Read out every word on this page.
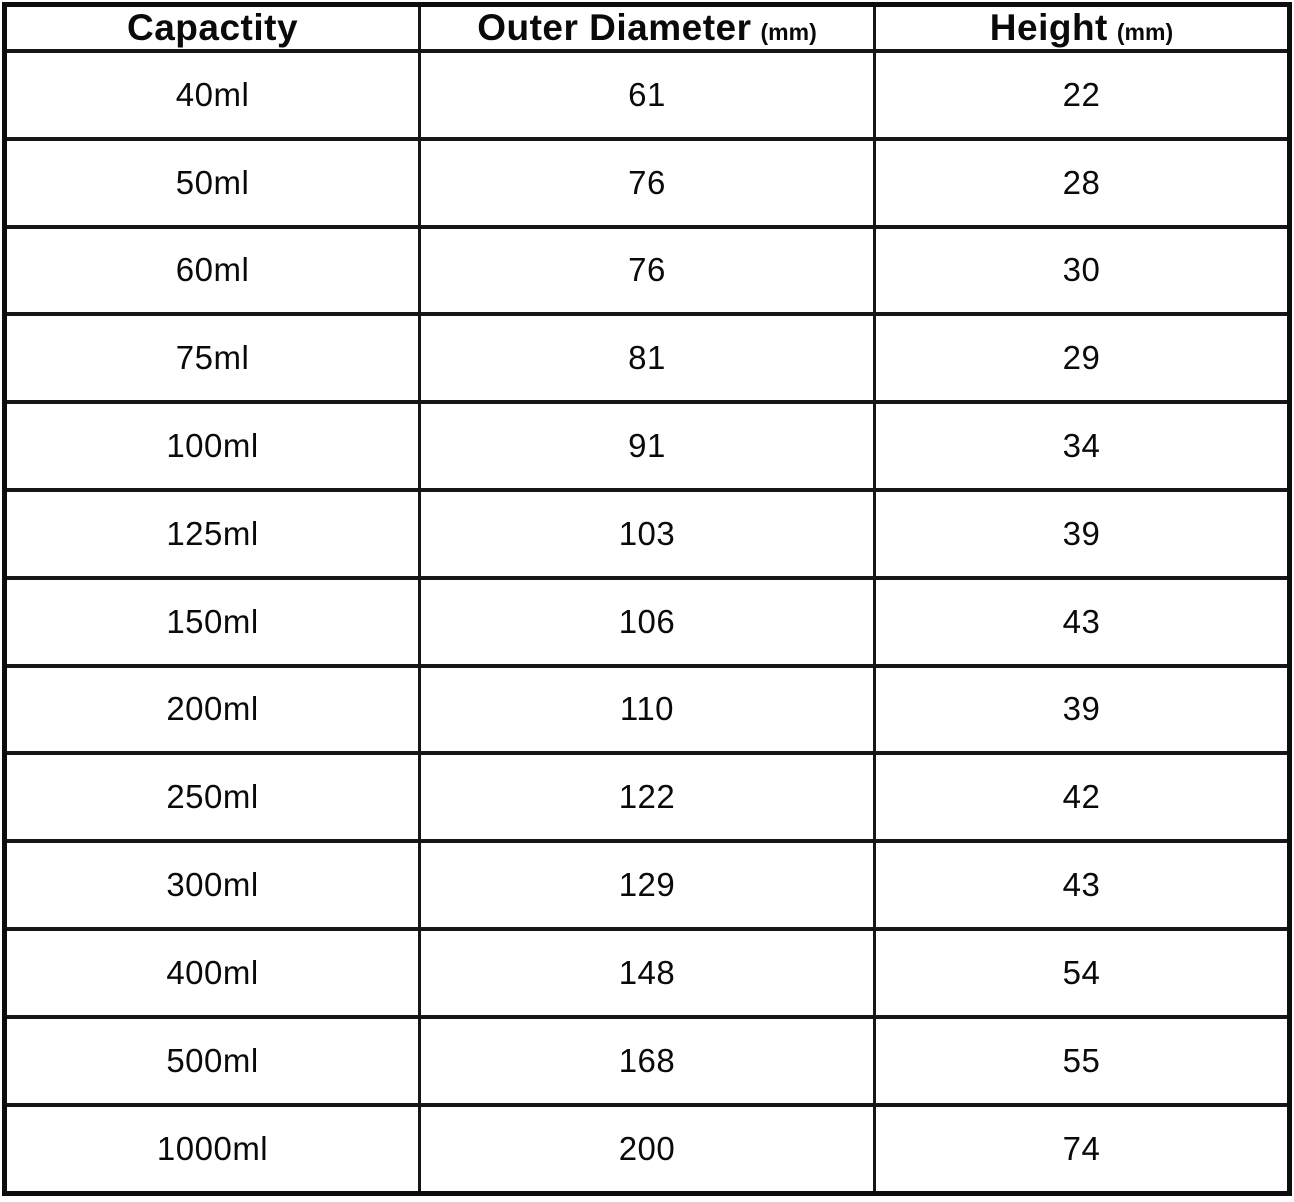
Capactity	Outer Diameter (mm)	Height (mm)
40ml	61	22
50ml	76	28
60ml	76	30
75ml	81	29
100ml	91	34
125ml	103	39
150ml	106	43
200ml	110	39
250ml	122	42
300ml	129	43
400ml	148	54
500ml	168	55
1000ml	200	74
